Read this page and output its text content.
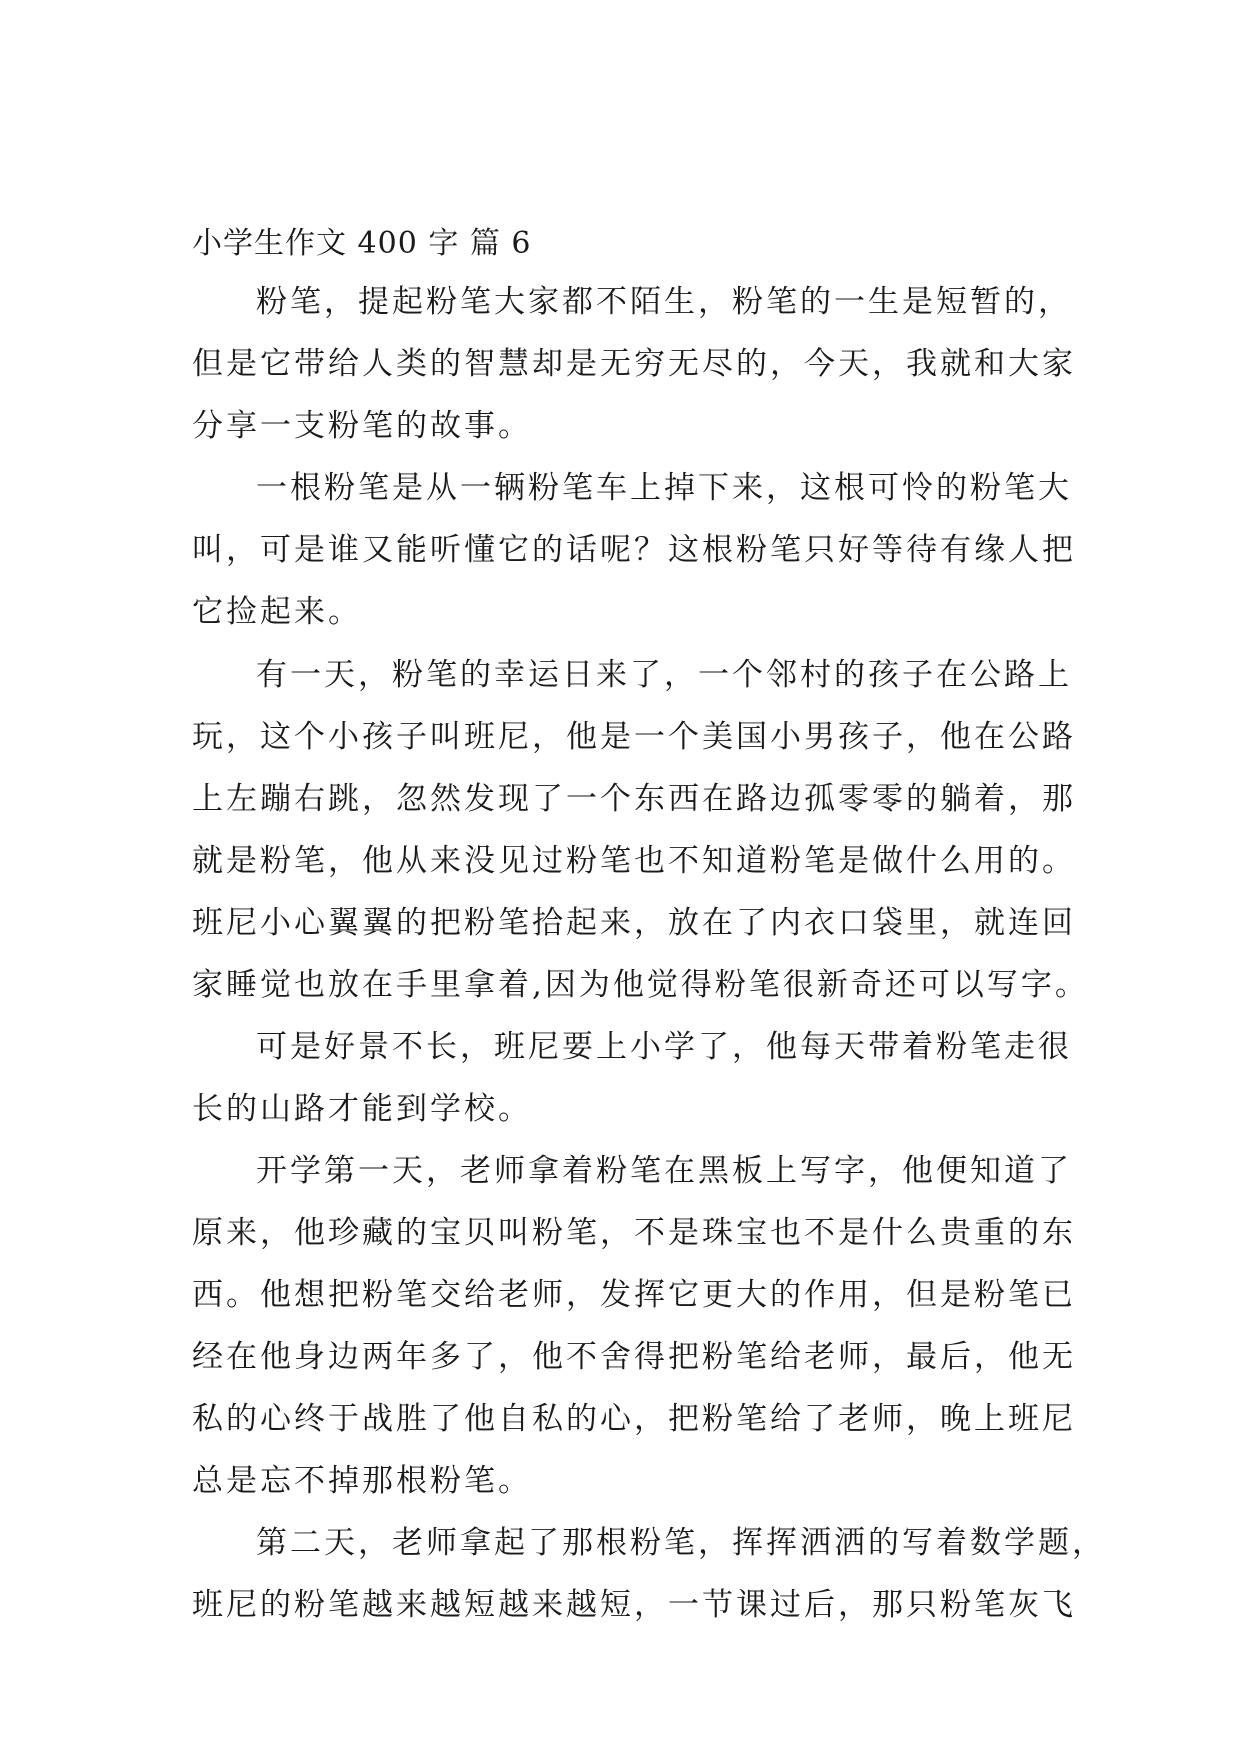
小学生作文 400 字 篇 6
粉笔，提起粉笔大家都不陌生，粉笔的一生是短暂的，
但是它带给人类的智慧却是无穷无尽的，今天，我就和大家
分享一支粉笔的故事。
一根粉笔是从一辆粉笔车上掉下来，这根可怜的粉笔大
叫，可是谁又能听懂它的话呢？这根粉笔只好等待有缘人把
它捡起来。
有一天，粉笔的幸运日来了，一个邻村的孩子在公路上
玩，这个小孩子叫班尼，他是一个美国小男孩子，他在公路
上左蹦右跳，忽然发现了一个东西在路边孤零零的躺着，那
就是粉笔，他从来没见过粉笔也不知道粉笔是做什么用的。
班尼小心翼翼的把粉笔拾起来，放在了内衣口袋里，就连回
家睡觉也放在手里拿着,因为他觉得粉笔很新奇还可以写字。
可是好景不长，班尼要上小学了，他每天带着粉笔走很
长的山路才能到学校。
开学第一天，老师拿着粉笔在黑板上写字，他便知道了
原来，他珍藏的宝贝叫粉笔，不是珠宝也不是什么贵重的东
西。他想把粉笔交给老师，发挥它更大的作用，但是粉笔已
经在他身边两年多了，他不舍得把粉笔给老师，最后，他无
私的心终于战胜了他自私的心，把粉笔给了老师，晚上班尼
总是忘不掉那根粉笔。
第二天，老师拿起了那根粉笔，挥挥洒洒的写着数学题，
班尼的粉笔越来越短越来越短，一节课过后，那只粉笔灰飞
